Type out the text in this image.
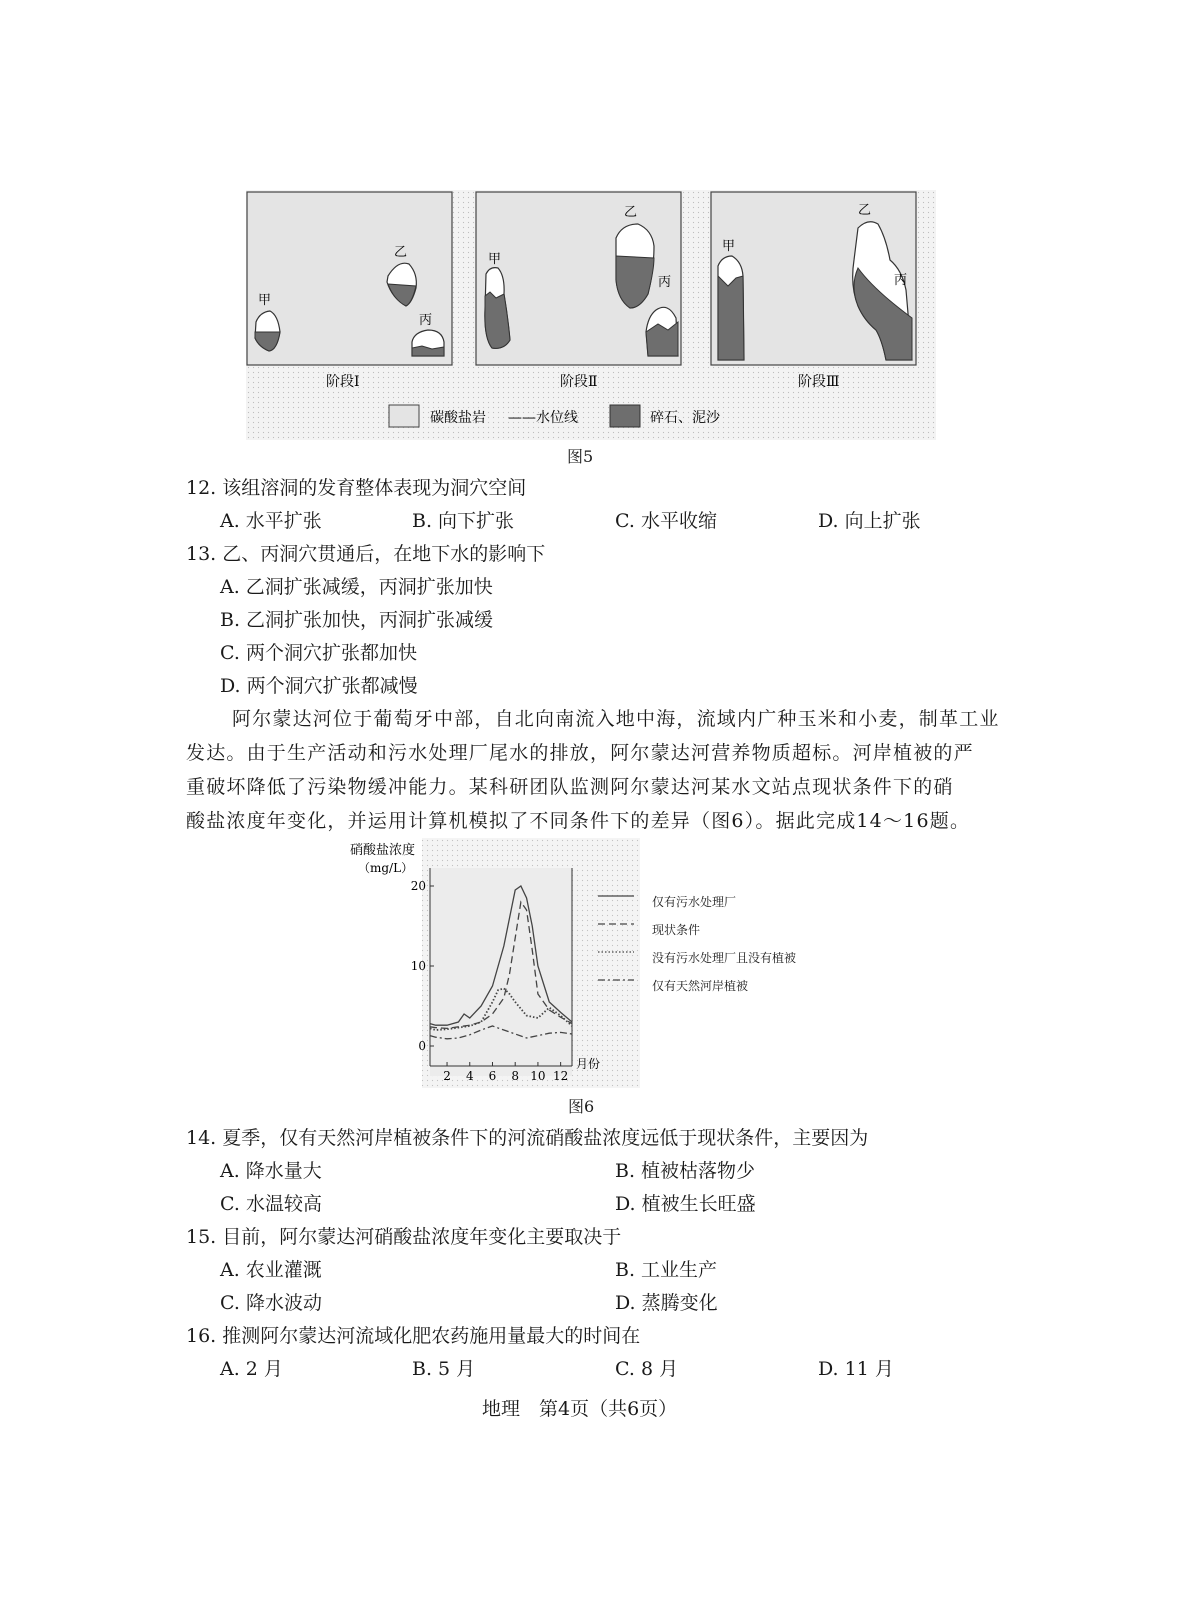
甲
乙
丙
甲
乙
丙
甲
乙
丙
阶段Ⅰ	阶段Ⅱ	阶段Ⅲ
碳酸盐岩 ——水位线	碎石、泥沙
图5
12. 该组溶洞的发育整体表现为洞穴空间
A. 水平扩张	B. 向下扩张	C. 水平收缩	D. 向上扩张
13. 乙、丙洞穴贯通后，在地下水的影响下
A. 乙洞扩张减缓，丙洞扩张加快
B. 乙洞扩张加快，丙洞扩张减缓
C. 两个洞穴扩张都加快
D. 两个洞穴扩张都减慢
阿尔蒙达河位于葡萄牙中部，自北向南流入地中海，流域内广种玉米和小麦，制革工业
发达。由于生产活动和污水处理厂尾水的排放，阿尔蒙达河营养物质超标。河岸植被的严
重破坏降低了污染物缓冲能力。某科研团队监测阿尔蒙达河某水文站点现状条件下的硝
酸盐浓度年变化，并运用计算机模拟了不同条件下的差异（图6）。据此完成14～16题。
硝酸盐浓度
（mg/L）
月份
0
10
20
2 4 6 8 10 12
图6
14. 夏季，仅有天然河岸植被条件下的河流硝酸盐浓度远低于现状条件，主要因为
A. 降水量大	B. 植被枯落物少
C. 水温较高	D. 植被生长旺盛
15. 目前，阿尔蒙达河硝酸盐浓度年变化主要取决于
A. 农业灌溉	B. 工业生产
C. 降水波动	D. 蒸腾变化
16. 推测阿尔蒙达河流域化肥农药施用量最大的时间在
A. 2 月	B. 5 月	C. 8 月	D. 11 月
地理　第4页（共6页）
仅有污水处理厂
现状条件
没有污水处理厂且没有植被
仅有天然河岸植被
